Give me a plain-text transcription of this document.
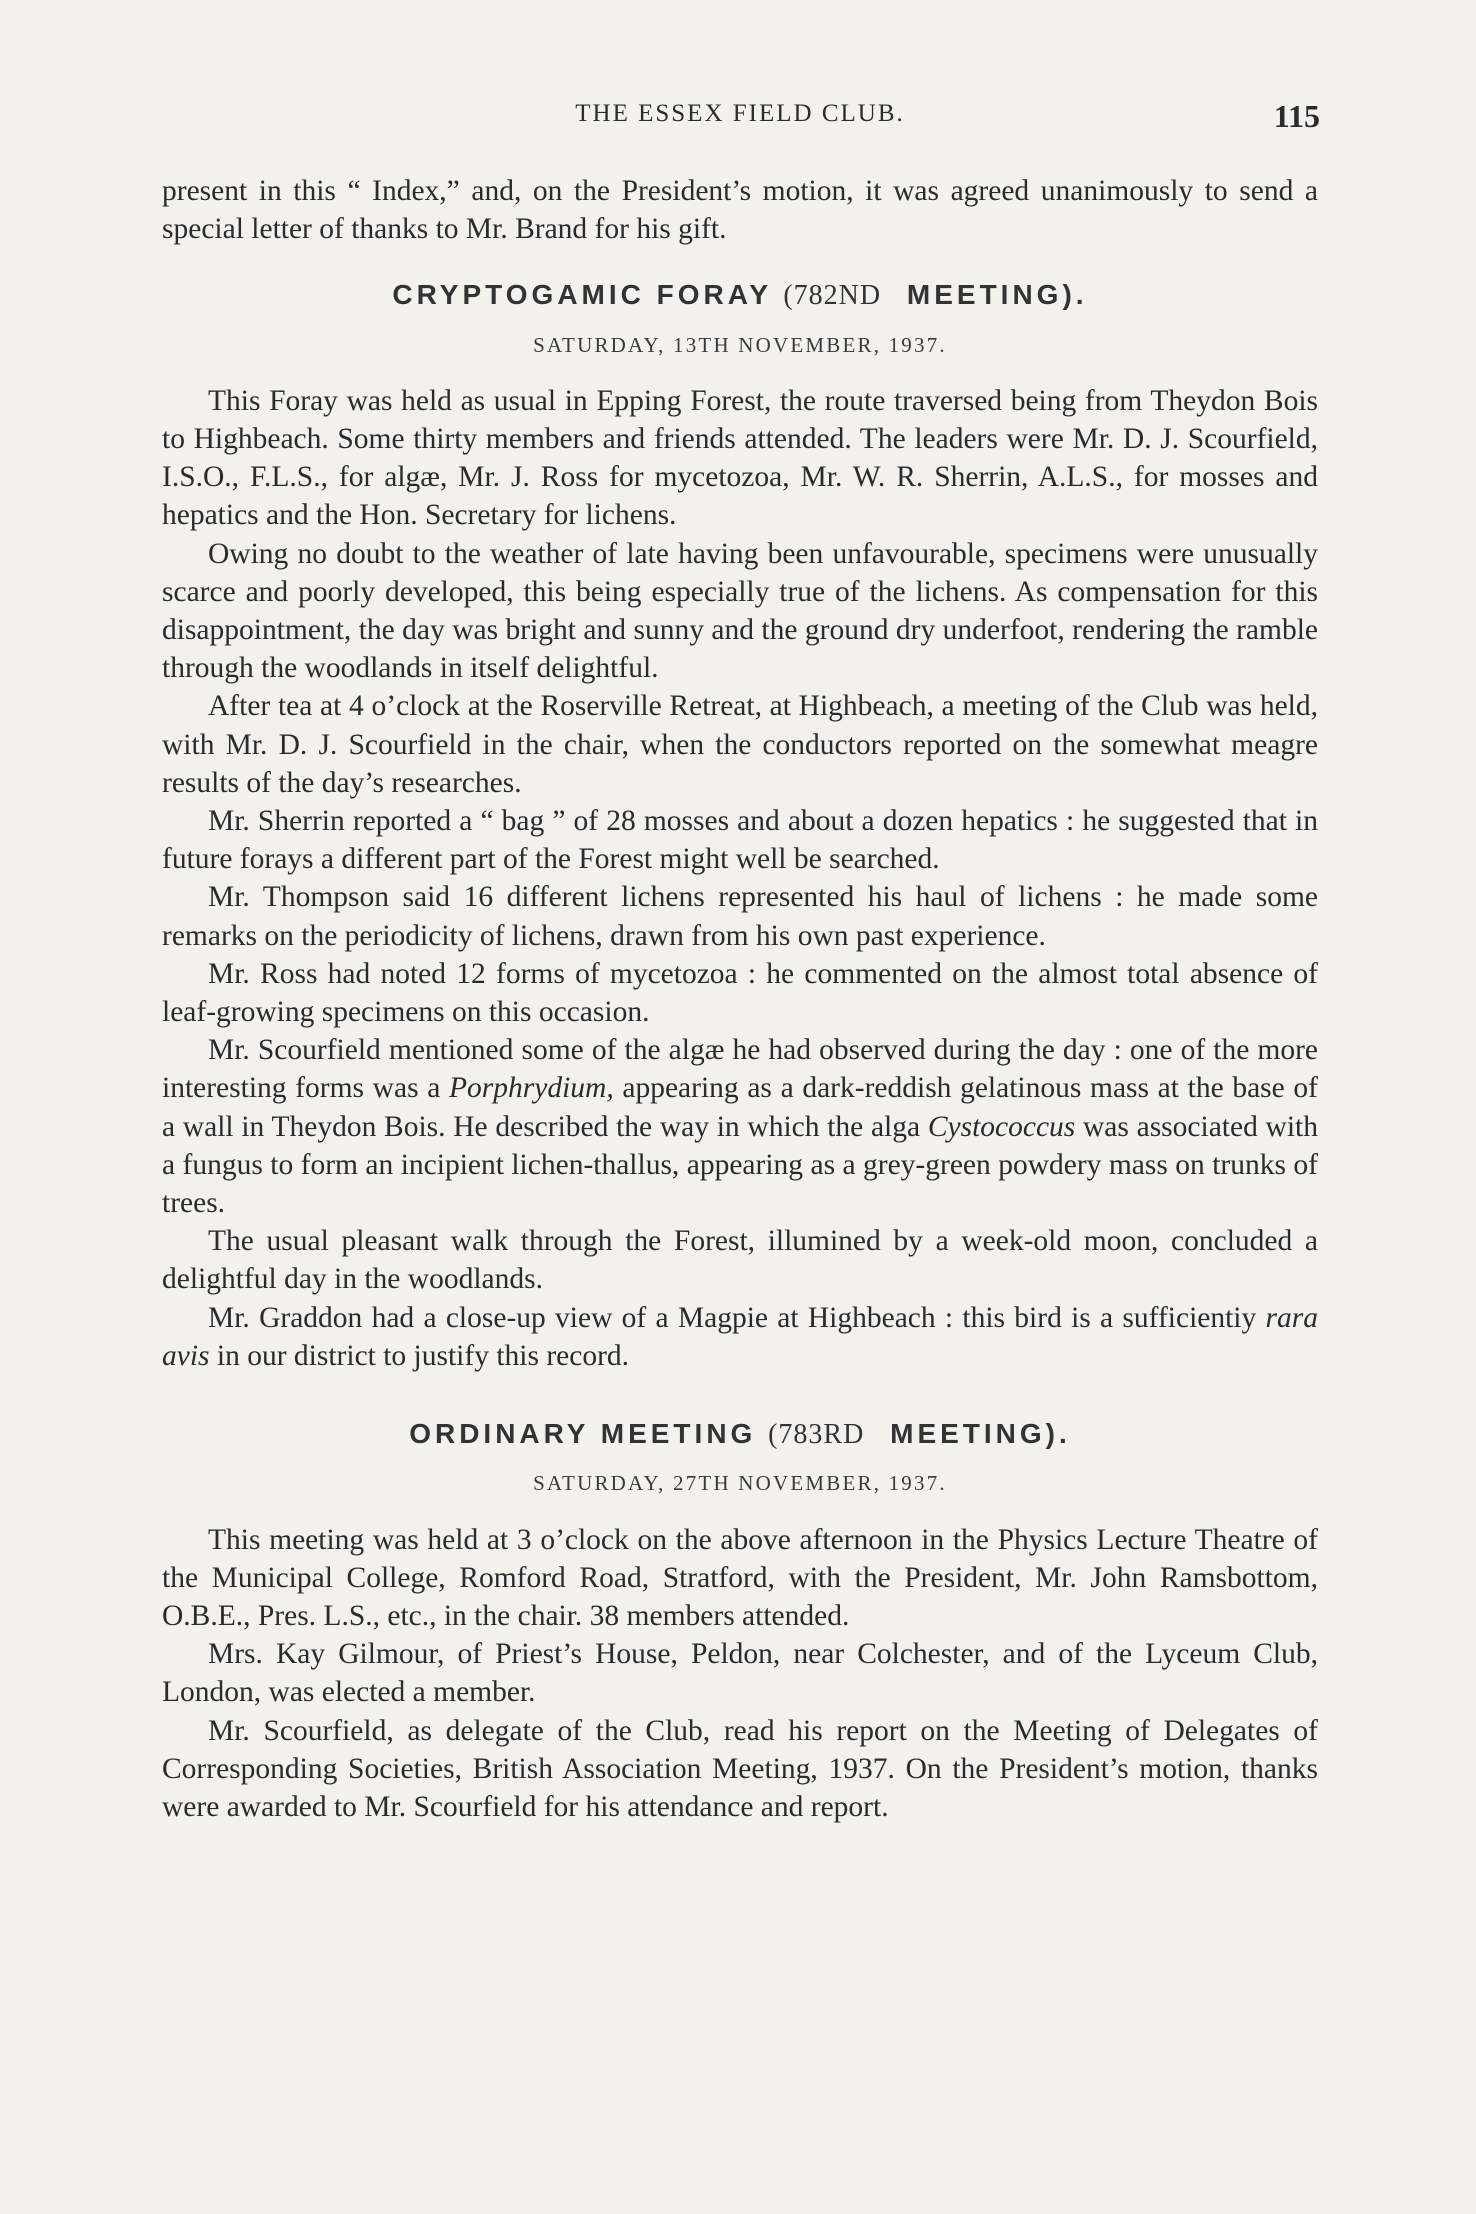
THE ESSEX FIELD CLUB.	115

present in this “ Index,” and, on the President’s motion, it was agreed unanimously to send a special letter of thanks to Mr. Brand for his gift.

CRYPTOGAMIC FORAY (782ND MEETING).
SATURDAY, 13TH NOVEMBER, 1937.

This Foray was held as usual in Epping Forest, the route traversed being from Theydon Bois to Highbeach. Some thirty members and friends attended. The leaders were Mr. D. J. Scourfield, I.S.O., F.L.S., for algæ, Mr. J. Ross for mycetozoa, Mr. W. R. Sherrin, A.L.S., for mosses and hepatics and the Hon. Secretary for lichens.

Owing no doubt to the weather of late having been unfavourable, specimens were unusually scarce and poorly developed, this being especially true of the lichens. As compensation for this disappointment, the day was bright and sunny and the ground dry underfoot, rendering the ramble through the woodlands in itself delightful.

After tea at 4 o’clock at the Roserville Retreat, at Highbeach, a meeting of the Club was held, with Mr. D. J. Scourfield in the chair, when the conductors reported on the somewhat meagre results of the day’s researches.

Mr. Sherrin reported a “ bag ” of 28 mosses and about a dozen hepatics : he suggested that in future forays a different part of the Forest might well be searched.

Mr. Thompson said 16 different lichens represented his haul of lichens : he made some remarks on the periodicity of lichens, drawn from his own past experience.

Mr. Ross had noted 12 forms of mycetozoa : he commented on the almost total absence of leaf-growing specimens on this occasion.

Mr. Scourfield mentioned some of the algæ he had observed during the day : one of the more interesting forms was a Porphrydium, appearing as a dark-reddish gelatinous mass at the base of a wall in Theydon Bois. He described the way in which the alga Cystococcus was associated with a fungus to form an incipient lichen-thallus, appearing as a grey-green powdery mass on trunks of trees.

The usual pleasant walk through the Forest, illumined by a week-old moon, concluded a delightful day in the woodlands.

Mr. Graddon had a close-up view of a Magpie at Highbeach : this bird is a sufficientiy rara avis in our district to justify this record.

ORDINARY MEETING (783RD MEETING).
SATURDAY, 27TH NOVEMBER, 1937.

This meeting was held at 3 o’clock on the above afternoon in the Physics Lecture Theatre of the Municipal College, Romford Road, Stratford, with the President, Mr. John Ramsbottom, O.B.E., Pres. L.S., etc., in the chair. 38 members attended.

Mrs. Kay Gilmour, of Priest’s House, Peldon, near Colchester, and of the Lyceum Club, London, was elected a member.

Mr. Scourfield, as delegate of the Club, read his report on the Meeting of Delegates of Corresponding Societies, British Association Meeting, 1937. On the President’s motion, thanks were awarded to Mr. Scourfield for his attendance and report.
